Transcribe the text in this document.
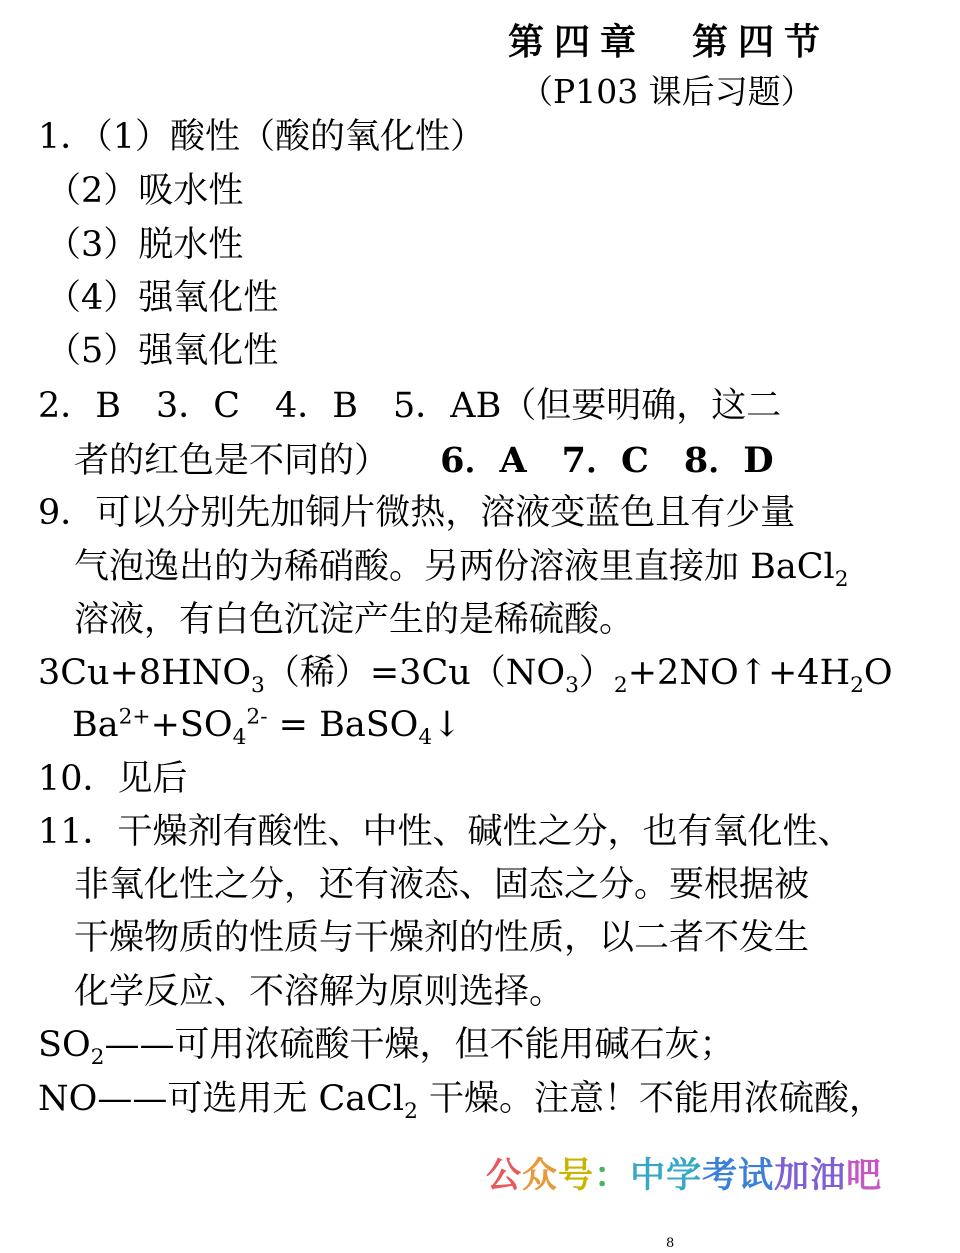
第四章　第四节
（P103 课后习题）
1．（1）酸性（酸的氧化性）
（2）吸水性
（3）脱水性
（4）强氧化性
（5）强氧化性
2．B　3．C　4．B　5．AB（但要明确，这二
者的红色是不同的） 6．A　7．C　8．D
9．可以分别先加铜片微热，溶液变蓝色且有少量
气泡逸出的为稀硝酸。另两份溶液里直接加 BaCl$_2$
溶液，有白色沉淀产生的是稀硫酸。
$3Cu+8HNO_3$（稀）$=3Cu(NO_3)_2+2NO↑+4H_2O$
$Ba^{2+}+SO_4^{2-}$ = BaSO$_4$↓
10．见后
11．干燥剂有酸性、中性、碱性之分，也有氧化性、
非氧化性之分，还有液态、固态之分。要根据被
干燥物质的性质与干燥剂的性质，以二者不发生
化学反应、不溶解为原则选择。
$SO_2——$可用浓硫酸干燥，但不能用碱石灰；
NO——可选用无 CaCl$_2$ 干燥。注意！不能用浓硫酸，
公众号：中学考试加油吧
8
